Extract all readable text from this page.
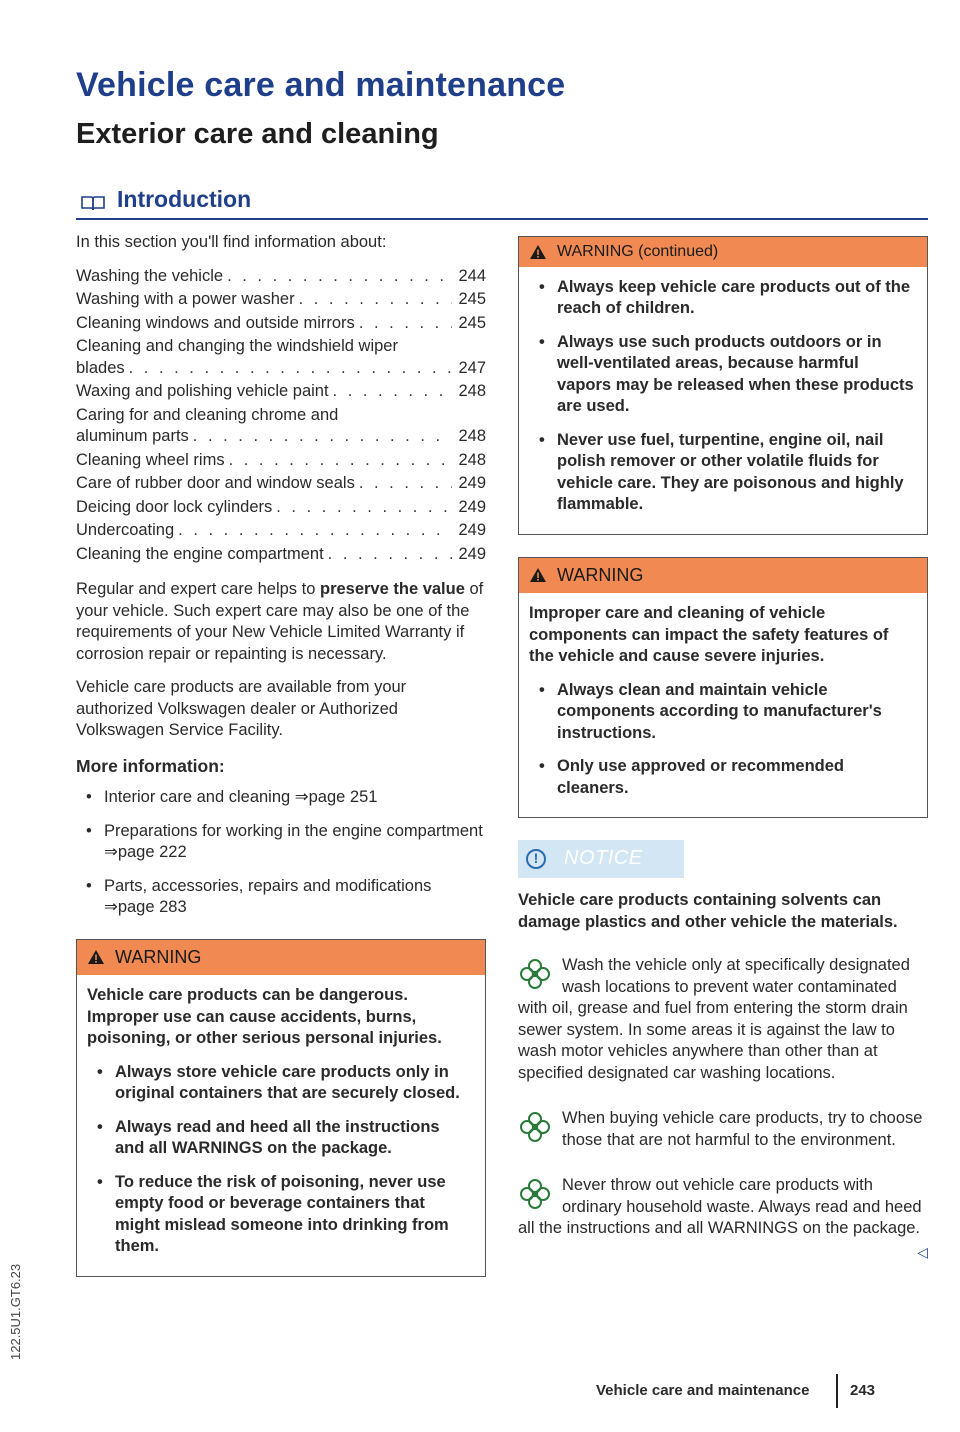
Vehicle care and maintenance
Exterior care and cleaning
Introduction

In this section you'll find information about:

Washing the vehicle . . .	244
Washing with a power washer . . .	245
Cleaning windows and outside mirrors . . .	245
Cleaning and changing the windshield wiper
blades . . .	247
Waxing and polishing vehicle paint . . .	248
Caring for and cleaning chrome and
aluminum parts . . .	248
Cleaning wheel rims . . .	248
Care of rubber door and window seals . . .	249
Deicing door lock cylinders . . .	249
Undercoating . . .	249
Cleaning the engine compartment . . .	249

Regular and expert care helps to preserve the value of your vehicle. Such expert care may also be one of the requirements of your New Vehicle Limited Warranty if corrosion repair or repainting is necessary.

Vehicle care products are available from your authorized Volkswagen dealer or Authorized Volkswagen Service Facility.

More information:
• Interior care and cleaning ⇒page 251
• Preparations for working in the engine compartment ⇒page 222
• Parts, accessories, repairs and modifications ⇒page 283
WARNING

Vehicle care products can be dangerous. Improper use can cause accidents, burns, poisoning, or other serious personal injuries.

• Always store vehicle care products only in original containers that are securely closed.
• Always read and heed all the instructions and all WARNINGS on the package.
• To reduce the risk of poisoning, never use empty food or beverage containers that might mislead someone into drinking from them.
WARNING (continued)
• Always keep vehicle care products out of the reach of children.
• Always use such products outdoors or in well-ventilated areas, because harmful vapors may be released when these products are used.
• Never use fuel, turpentine, engine oil, nail polish remover or other volatile fluids for vehicle care. They are poisonous and highly flammable.
WARNING

Improper care and cleaning of vehicle components can impact the safety features of the vehicle and cause severe injuries.

• Always clean and maintain vehicle components according to manufacturer's instructions.
• Only use approved or recommended cleaners.
!	NOTICE

Vehicle care products containing solvents can damage plastics and other vehicle the materials.

Wash the vehicle only at specifically designated wash locations to prevent water contaminated with oil, grease and fuel from entering the storm drain sewer system. In some areas it is against the law to wash motor vehicles anywhere than other than at specified designated car washing locations.
When buying vehicle care products, try to choose those that are not harmful to the environment.
Never throw out vehicle care products with ordinary household waste. Always read and heed all the instructions and all WARNINGS on the package.
◁
Vehicle care and maintenance	243
122.5U1.GT6.23
